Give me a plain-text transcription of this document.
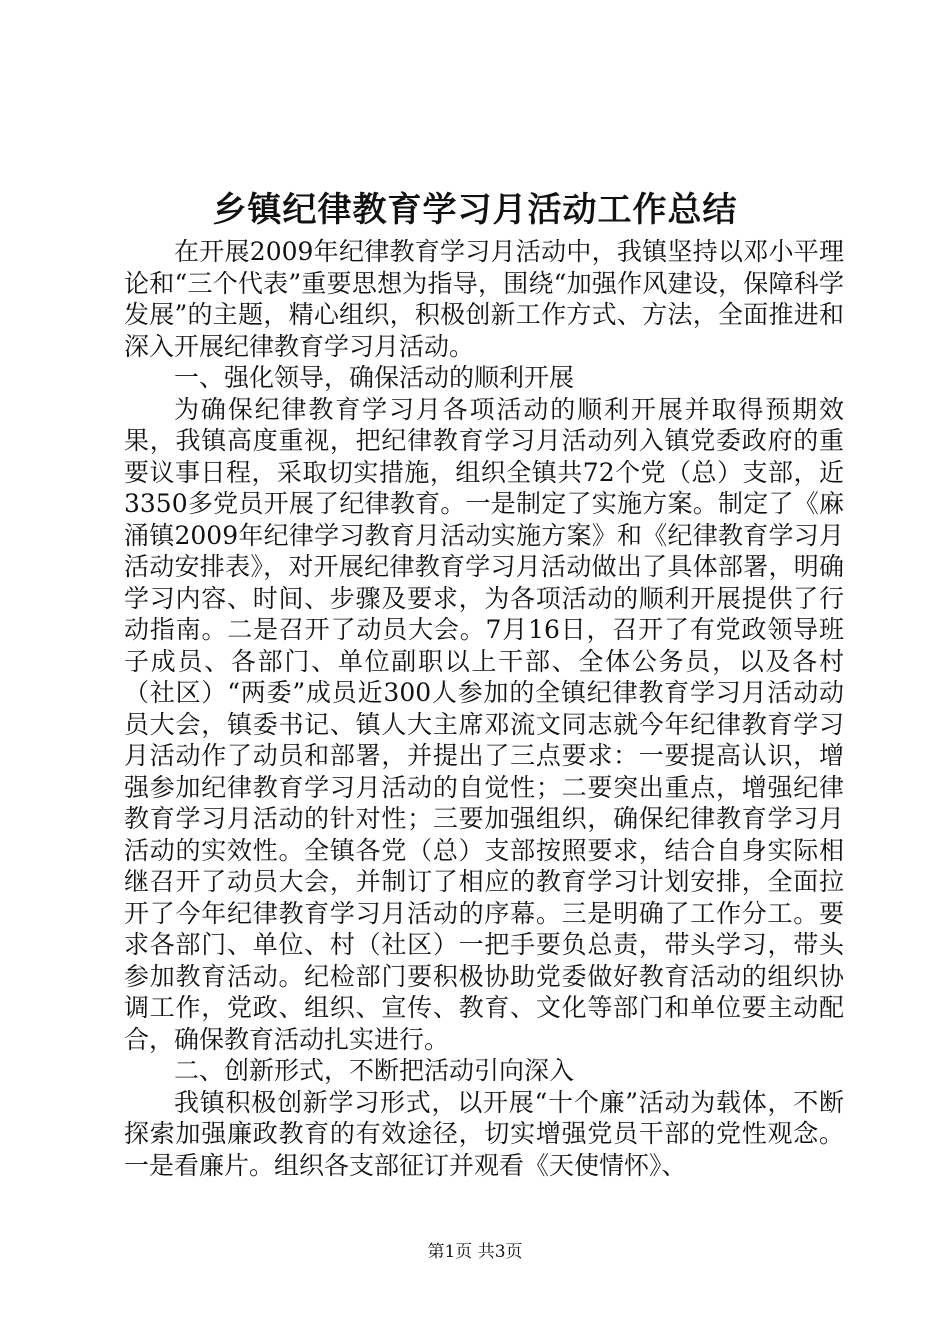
乡镇纪律教育学习月活动工作总结

在开展2009年纪律教育学习月活动中，我镇坚持以邓小平理论和“三个代表”重要思想为指导，围绕“加强作风建设，保障科学发展”的主题，精心组织，积极创新工作方式、方法，全面推进和深入开展纪律教育学习月活动。

一、强化领导，确保活动的顺利开展

为确保纪律教育学习月各项活动的顺利开展并取得预期效果，我镇高度重视，把纪律教育学习月活动列入镇党委政府的重要议事日程，采取切实措施，组织全镇共72个党（总）支部，近3350多党员开展了纪律教育。一是制定了实施方案。制定了《麻涌镇2009年纪律学习教育月活动实施方案》和《纪律教育学习月活动安排表》，对开展纪律教育学习月活动做出了具体部署，明确学习内容、时间、步骤及要求，为各项活动的顺利开展提供了行动指南。二是召开了动员大会。7月16日，召开了有党政领导班子成员、各部门、单位副职以上干部、全体公务员，以及各村（社区）“两委”成员近300人参加的全镇纪律教育学习月活动动员大会，镇委书记、镇人大主席邓流文同志就今年纪律教育学习月活动作了动员和部署，并提出了三点要求：一要提高认识，增强参加纪律教育学习月活动的自觉性；二要突出重点，增强纪律教育学习月活动的针对性；三要加强组织，确保纪律教育学习月活动的实效性。全镇各党（总）支部按照要求，结合自身实际相继召开了动员大会，并制订了相应的教育学习计划安排，全面拉开了今年纪律教育学习月活动的序幕。三是明确了工作分工。要求各部门、单位、村（社区）一把手要负总责，带头学习，带头参加教育活动。纪检部门要积极协助党委做好教育活动的组织协调工作，党政、组织、宣传、教育、文化等部门和单位要主动配合，确保教育活动扎实进行。

二、创新形式，不断把活动引向深入

我镇积极创新学习形式，以开展“十个廉”活动为载体，不断探索加强廉政教育的有效途径，切实增强党员干部的党性观念。一是看廉片。组织各支部征订并观看《天使情怀》、

第1页 共3页
